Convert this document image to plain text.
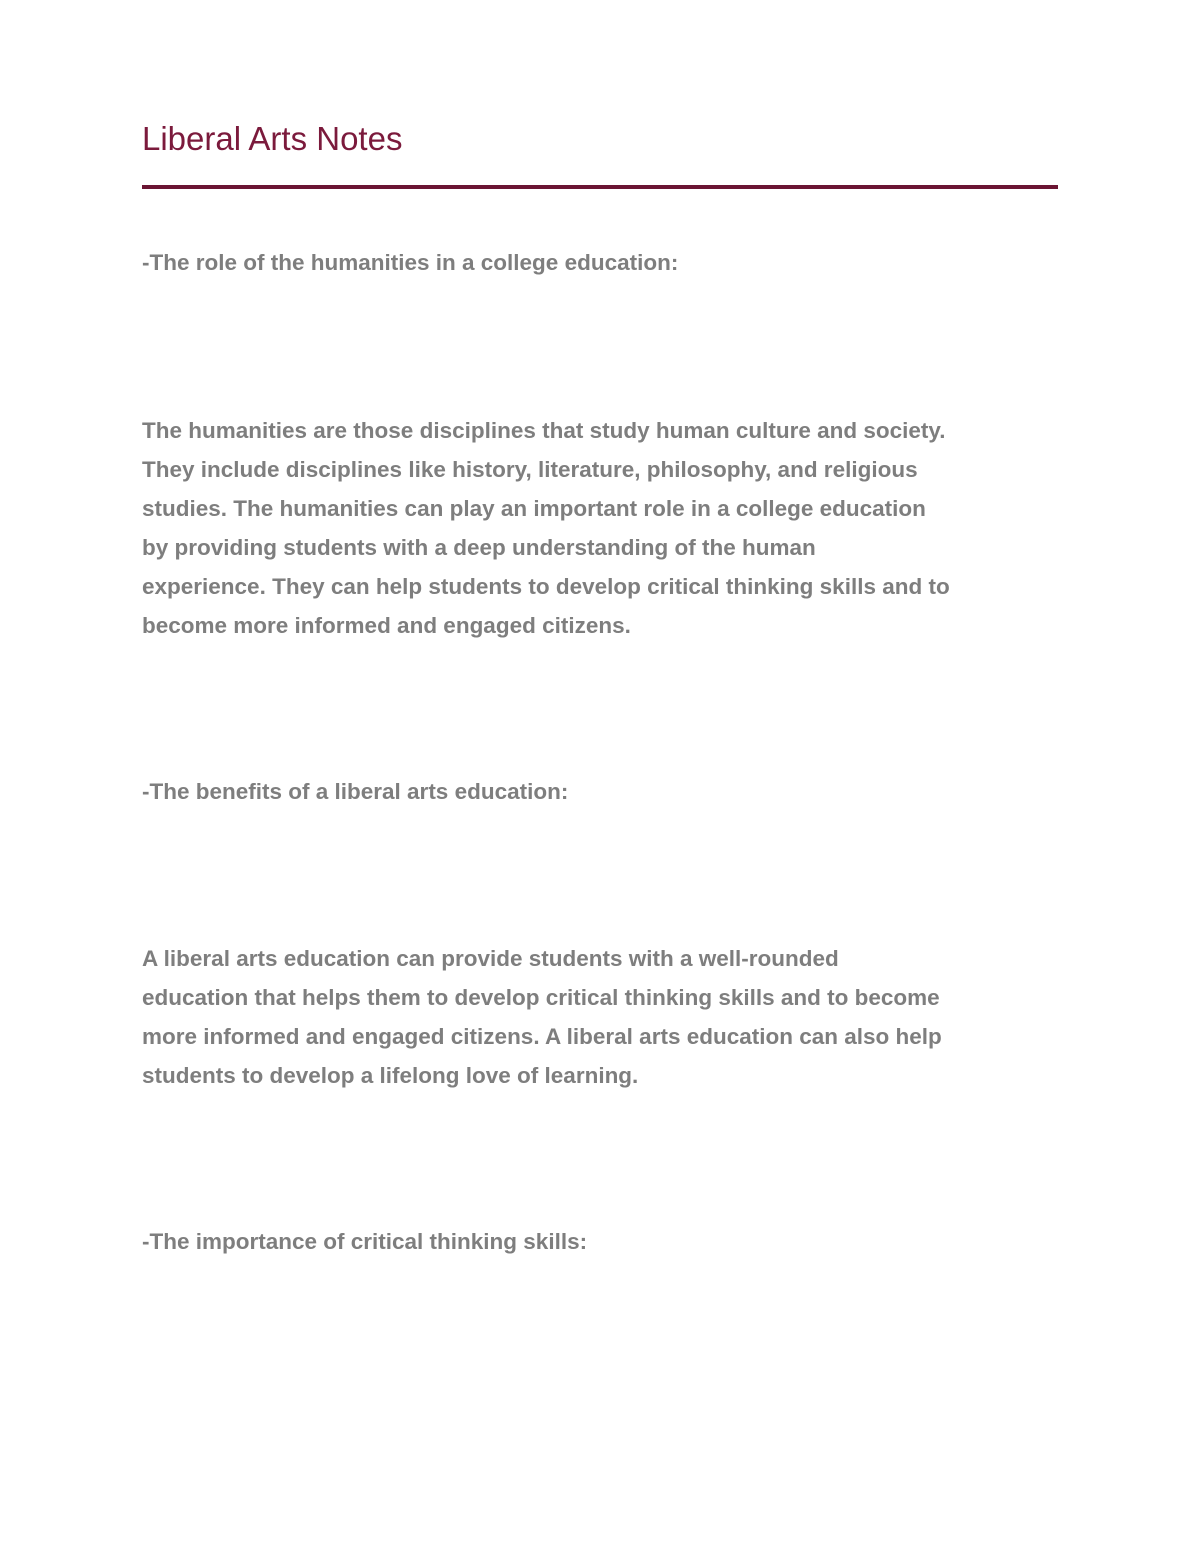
Liberal Arts Notes

-The role of the humanities in a college education:

The humanities are those disciplines that study human culture and society.
They include disciplines like history, literature, philosophy, and religious
studies. The humanities can play an important role in a college education
by providing students with a deep understanding of the human
experience. They can help students to develop critical thinking skills and to
become more informed and engaged citizens.

-The benefits of a liberal arts education:

A liberal arts education can provide students with a well-rounded
education that helps them to develop critical thinking skills and to become
more informed and engaged citizens. A liberal arts education can also help
students to develop a lifelong love of learning.

-The importance of critical thinking skills:
